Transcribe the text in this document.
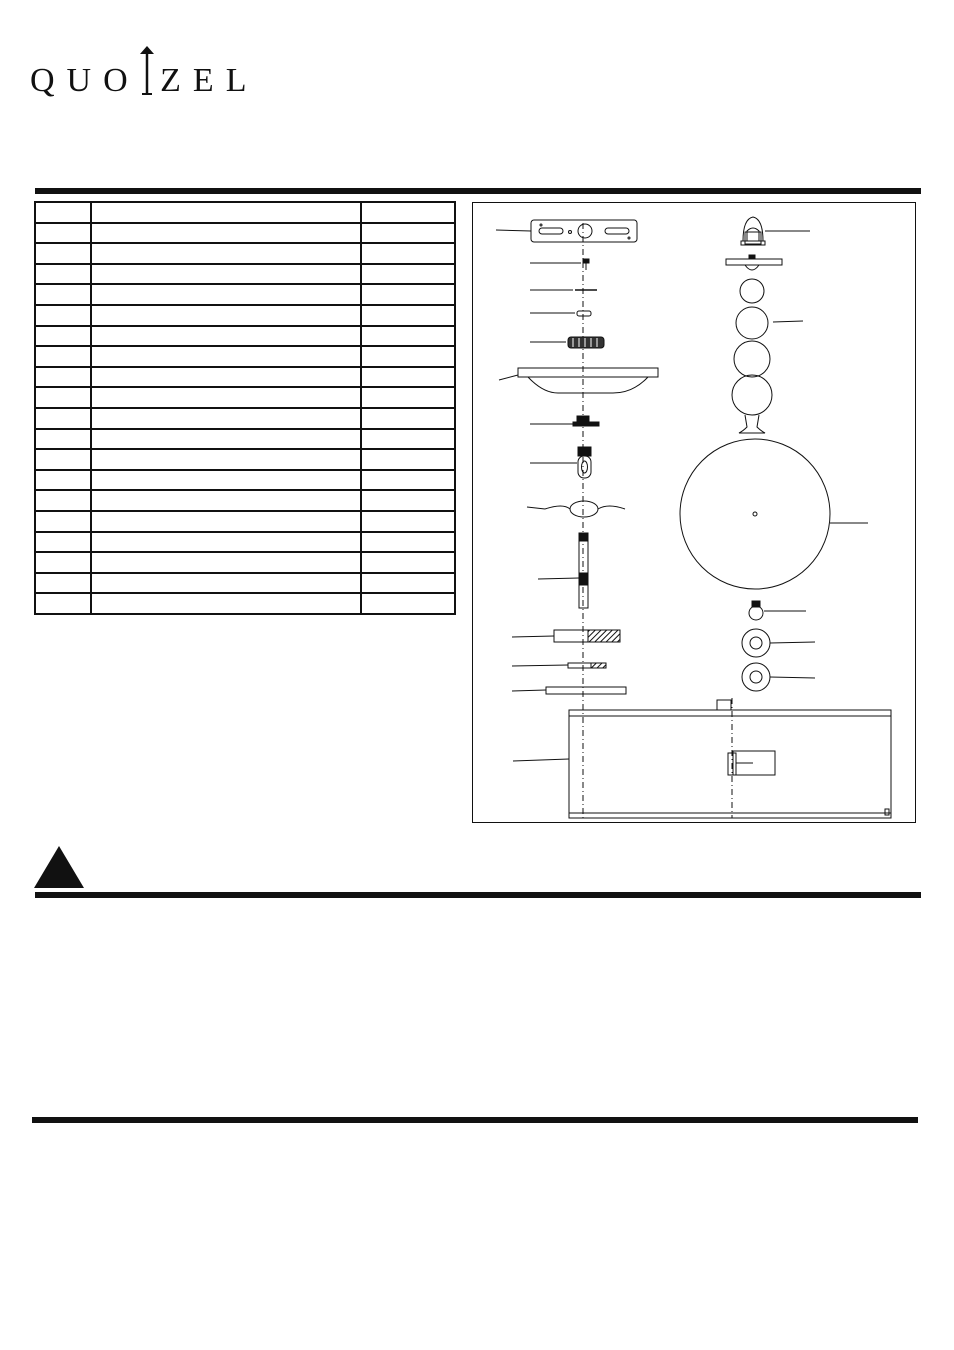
QUO ZEL
